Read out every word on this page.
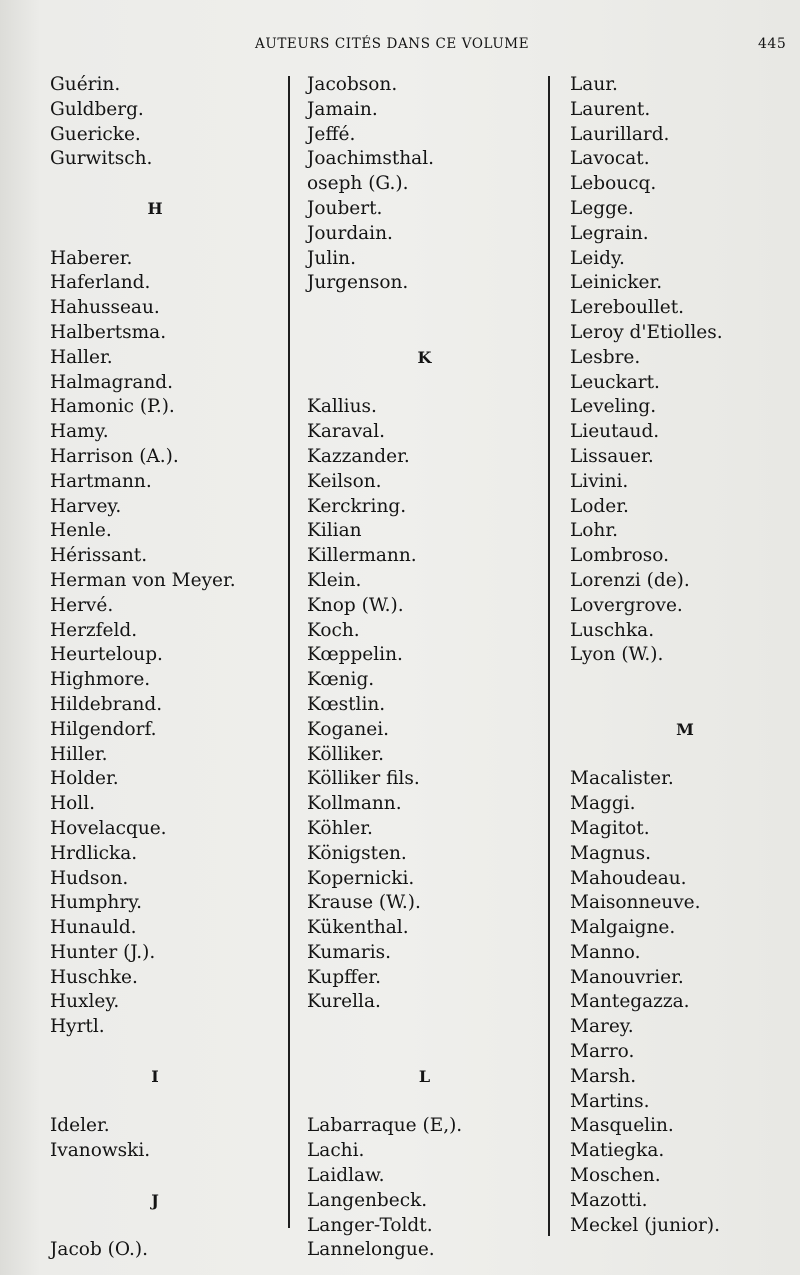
AUTEURS CITÉS DANS CE VOLUME	445
Guérin.
Guldberg.
Guericke.
Gurwitsch.
H
Haberer.
Haferland.
Hahusseau.
Halbertsma.
Haller.
Halmagrand.
Hamonic (P.).
Hamy.
Harrison (A.).
Hartmann.
Harvey.
Henle.
Hérissant.
Herman von Meyer.
Hervé.
Herzfeld.
Heurteloup.
Highmore.
Hildebrand.
Hilgendorf.
Hiller.
Holder.
Holl.
Hovelacque.
Hrdlicka.
Hudson.
Humphry.
Hunauld.
Hunter (J.).
Huschke.
Huxley.
Hyrtl.
I
Ideler.
Ivanowski.
J
Jacob (O.).
Jacobson.
Jamain.
Jeffé.
Joachimsthal.
oseph (G.).
Joubert.
Jourdain.
Julin.
Jurgenson.
K
Kallius.
Karaval.
Kazzander.
Keilson.
Kerckring.
Kilian
Killermann.
Klein.
Knop (W.).
Koch.
Kœppelin.
Kœnig.
Kœstlin.
Koganei.
Kölliker.
Kölliker fils.
Kollmann.
Köhler.
Königsten.
Kopernicki.
Krause (W.).
Kükenthal.
Kumaris.
Kupffer.
Kurella.
L
Labarraque (E,).
Lachi.
Laidlaw.
Langenbeck.
Langer-Toldt.
Lannelongue.
Laur.
Laurent.
Laurillard.
Lavocat.
Leboucq.
Legge.
Legrain.
Leidy.
Leinicker.
Lereboullet.
Leroy d'Etiolles.
Lesbre.
Leuckart.
Leveling.
Lieutaud.
Lissauer.
Livini.
Loder.
Lohr.
Lombroso.
Lorenzi (de).
Lovergrove.
Luschka.
Lyon (W.).
M
Macalister.
Maggi.
Magitot.
Magnus.
Mahoudeau.
Maisonneuve.
Malgaigne.
Manno.
Manouvrier.
Mantegazza.
Marey.
Marro.
Marsh.
Martins.
Masquelin.
Matiegka.
Moschen.
Mazotti.
Meckel (junior).
